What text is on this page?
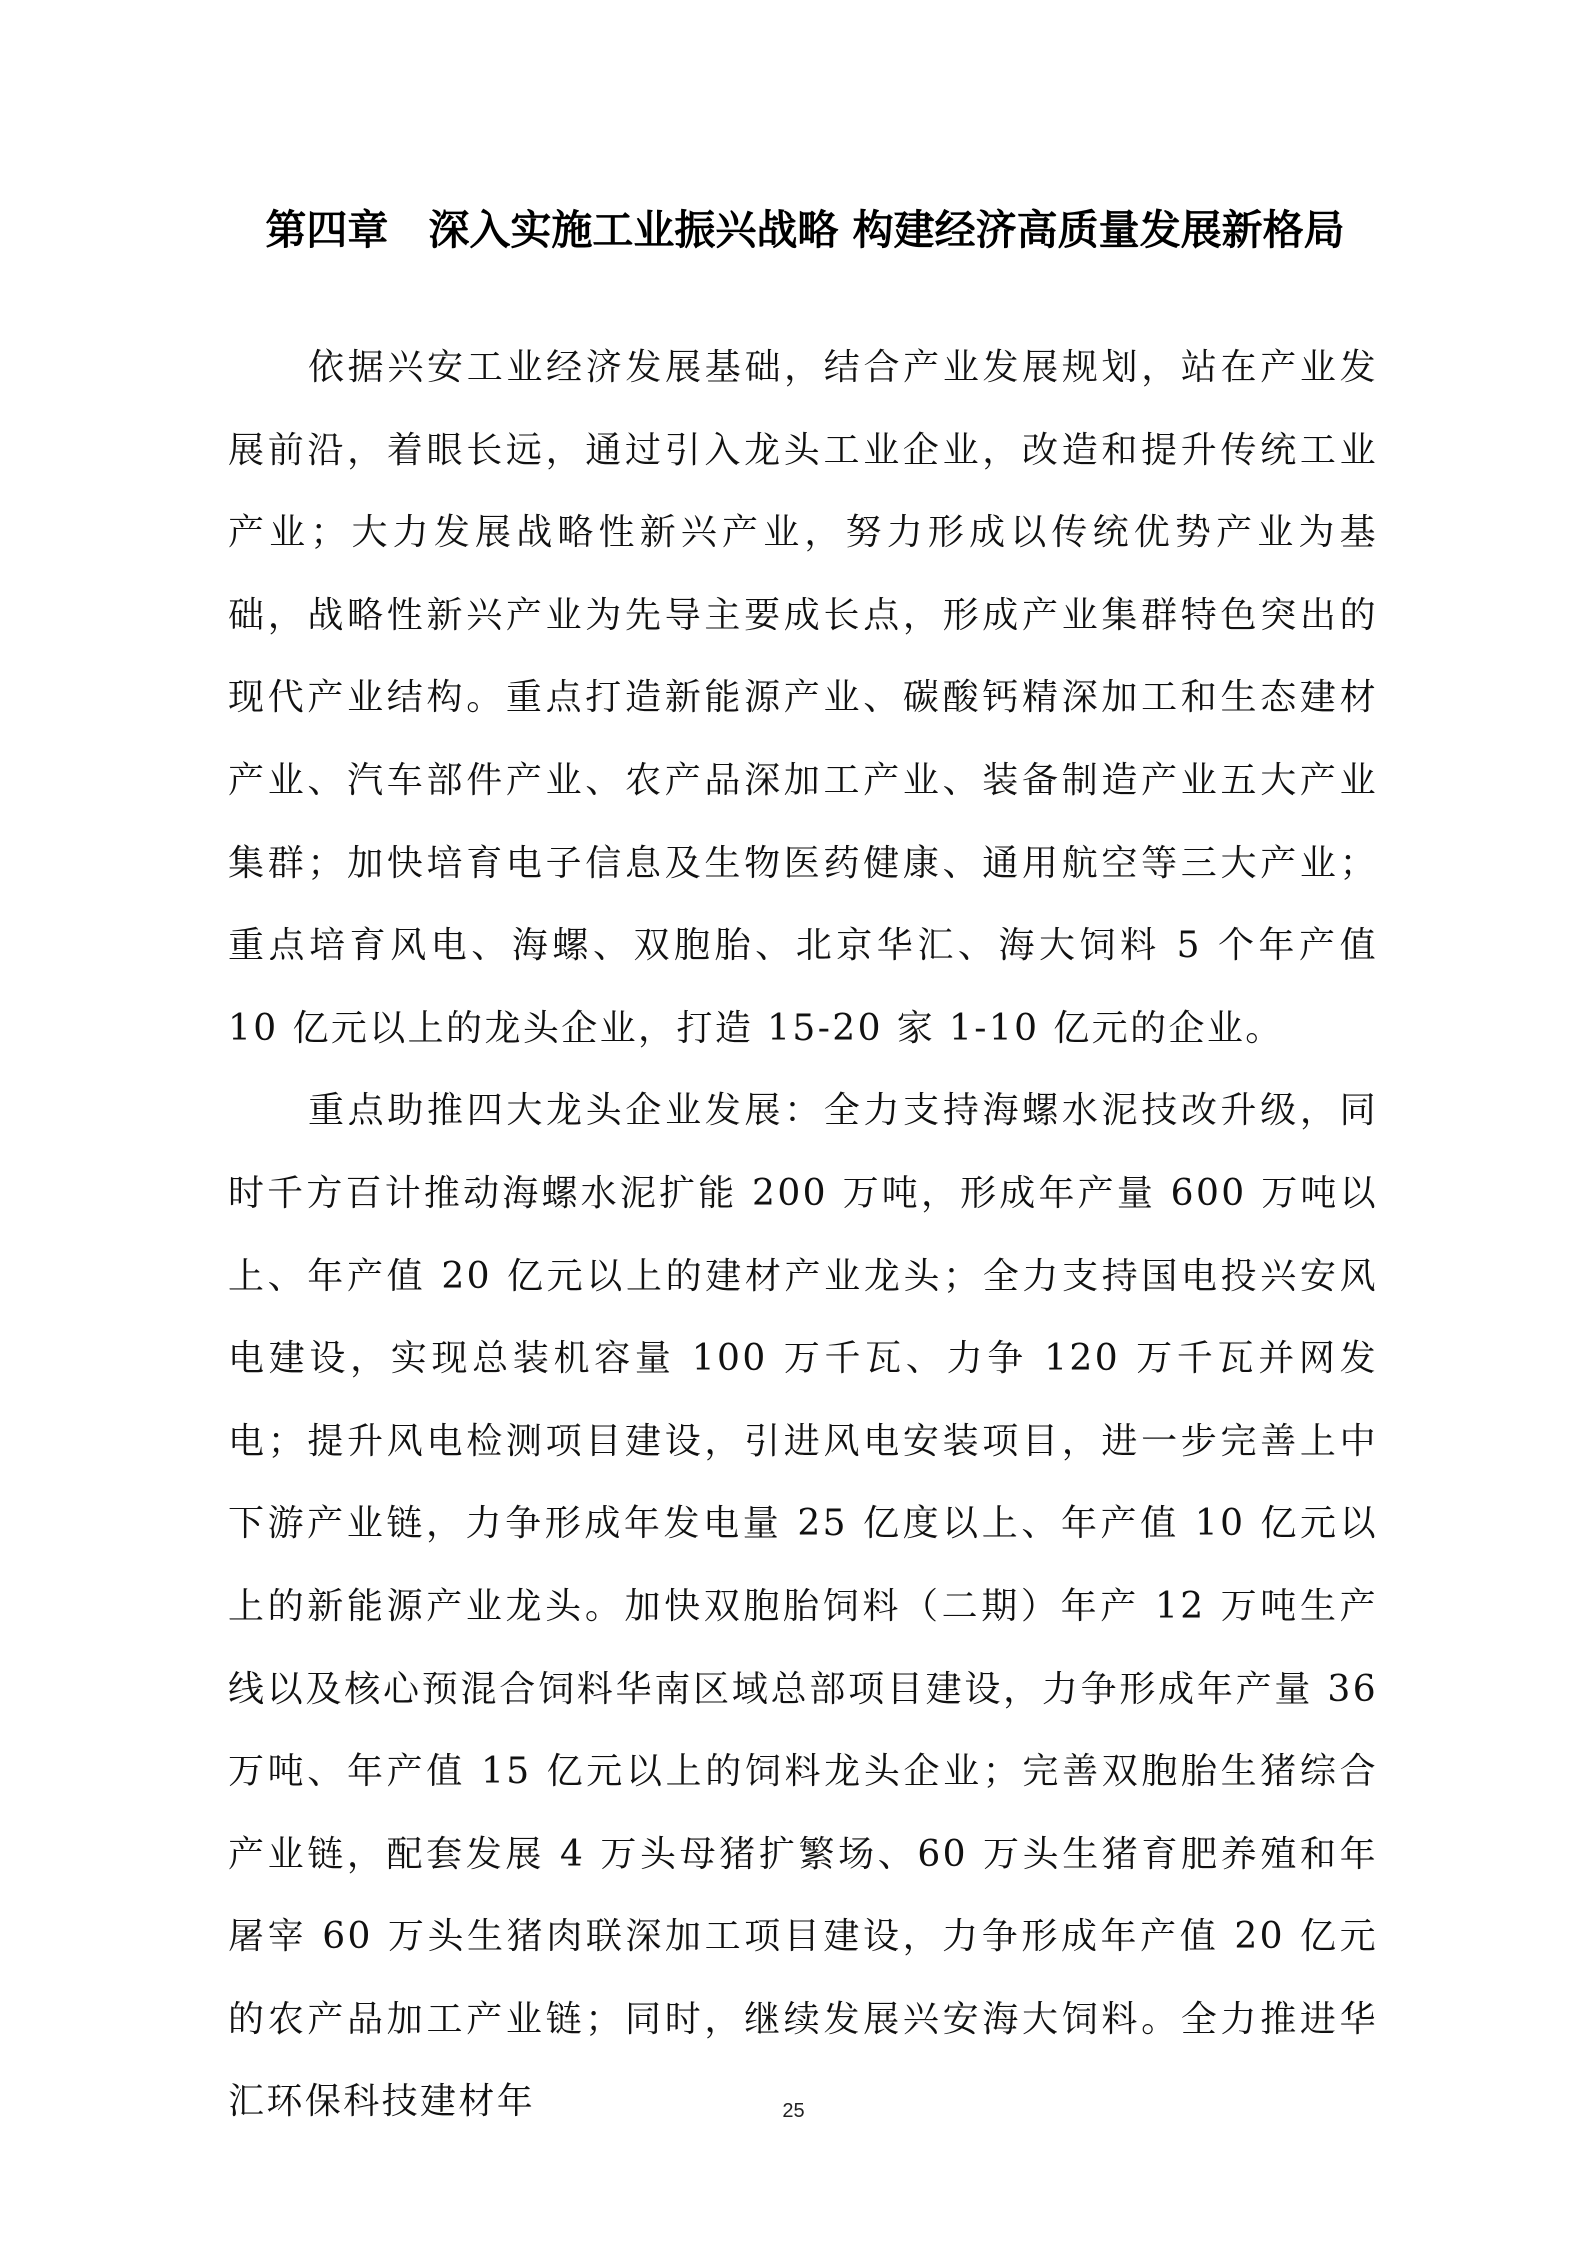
第四章 深入实施工业振兴战略 构建经济高质量发展新格局

依据兴安工业经济发展基础，结合产业发展规划，站在产业发展前沿，着眼长远，通过引入龙头工业企业，改造和提升传统工业产业；大力发展战略性新兴产业，努力形成以传统优势产业为基础，战略性新兴产业为先导主要成长点，形成产业集群特色突出的现代产业结构。重点打造新能源产业、碳酸钙精深加工和生态建材产业、汽车部件产业、农产品深加工产业、装备制造产业五大产业集群；加快培育电子信息及生物医药健康、通用航空等三大产业；重点培育风电、海螺、双胞胎、北京华汇、海大饲料 5 个年产值 10 亿元以上的龙头企业，打造 15-20 家 1-10 亿元的企业。

重点助推四大龙头企业发展：全力支持海螺水泥技改升级，同时千方百计推动海螺水泥扩能 200 万吨，形成年产量 600 万吨以上、年产值 20 亿元以上的建材产业龙头；全力支持国电投兴安风电建设，实现总装机容量 100 万千瓦、力争 120 万千瓦并网发电；提升风电检测项目建设，引进风电安装项目，进一步完善上中下游产业链，力争形成年发电量 25 亿度以上、年产值 10 亿元以上的新能源产业龙头。加快双胞胎饲料（二期）年产 12 万吨生产线以及核心预混合饲料华南区域总部项目建设，力争形成年产量 36 万吨、年产值 15 亿元以上的饲料龙头企业；完善双胞胎生猪综合产业链，配套发展 4 万头母猪扩繁场、60 万头生猪育肥养殖和年屠宰 60 万头生猪肉联深加工项目建设，力争形成年产值 20 亿元的农产品加工产业链；同时，继续发展兴安海大饲料。全力推进华汇环保科技建材年	25
